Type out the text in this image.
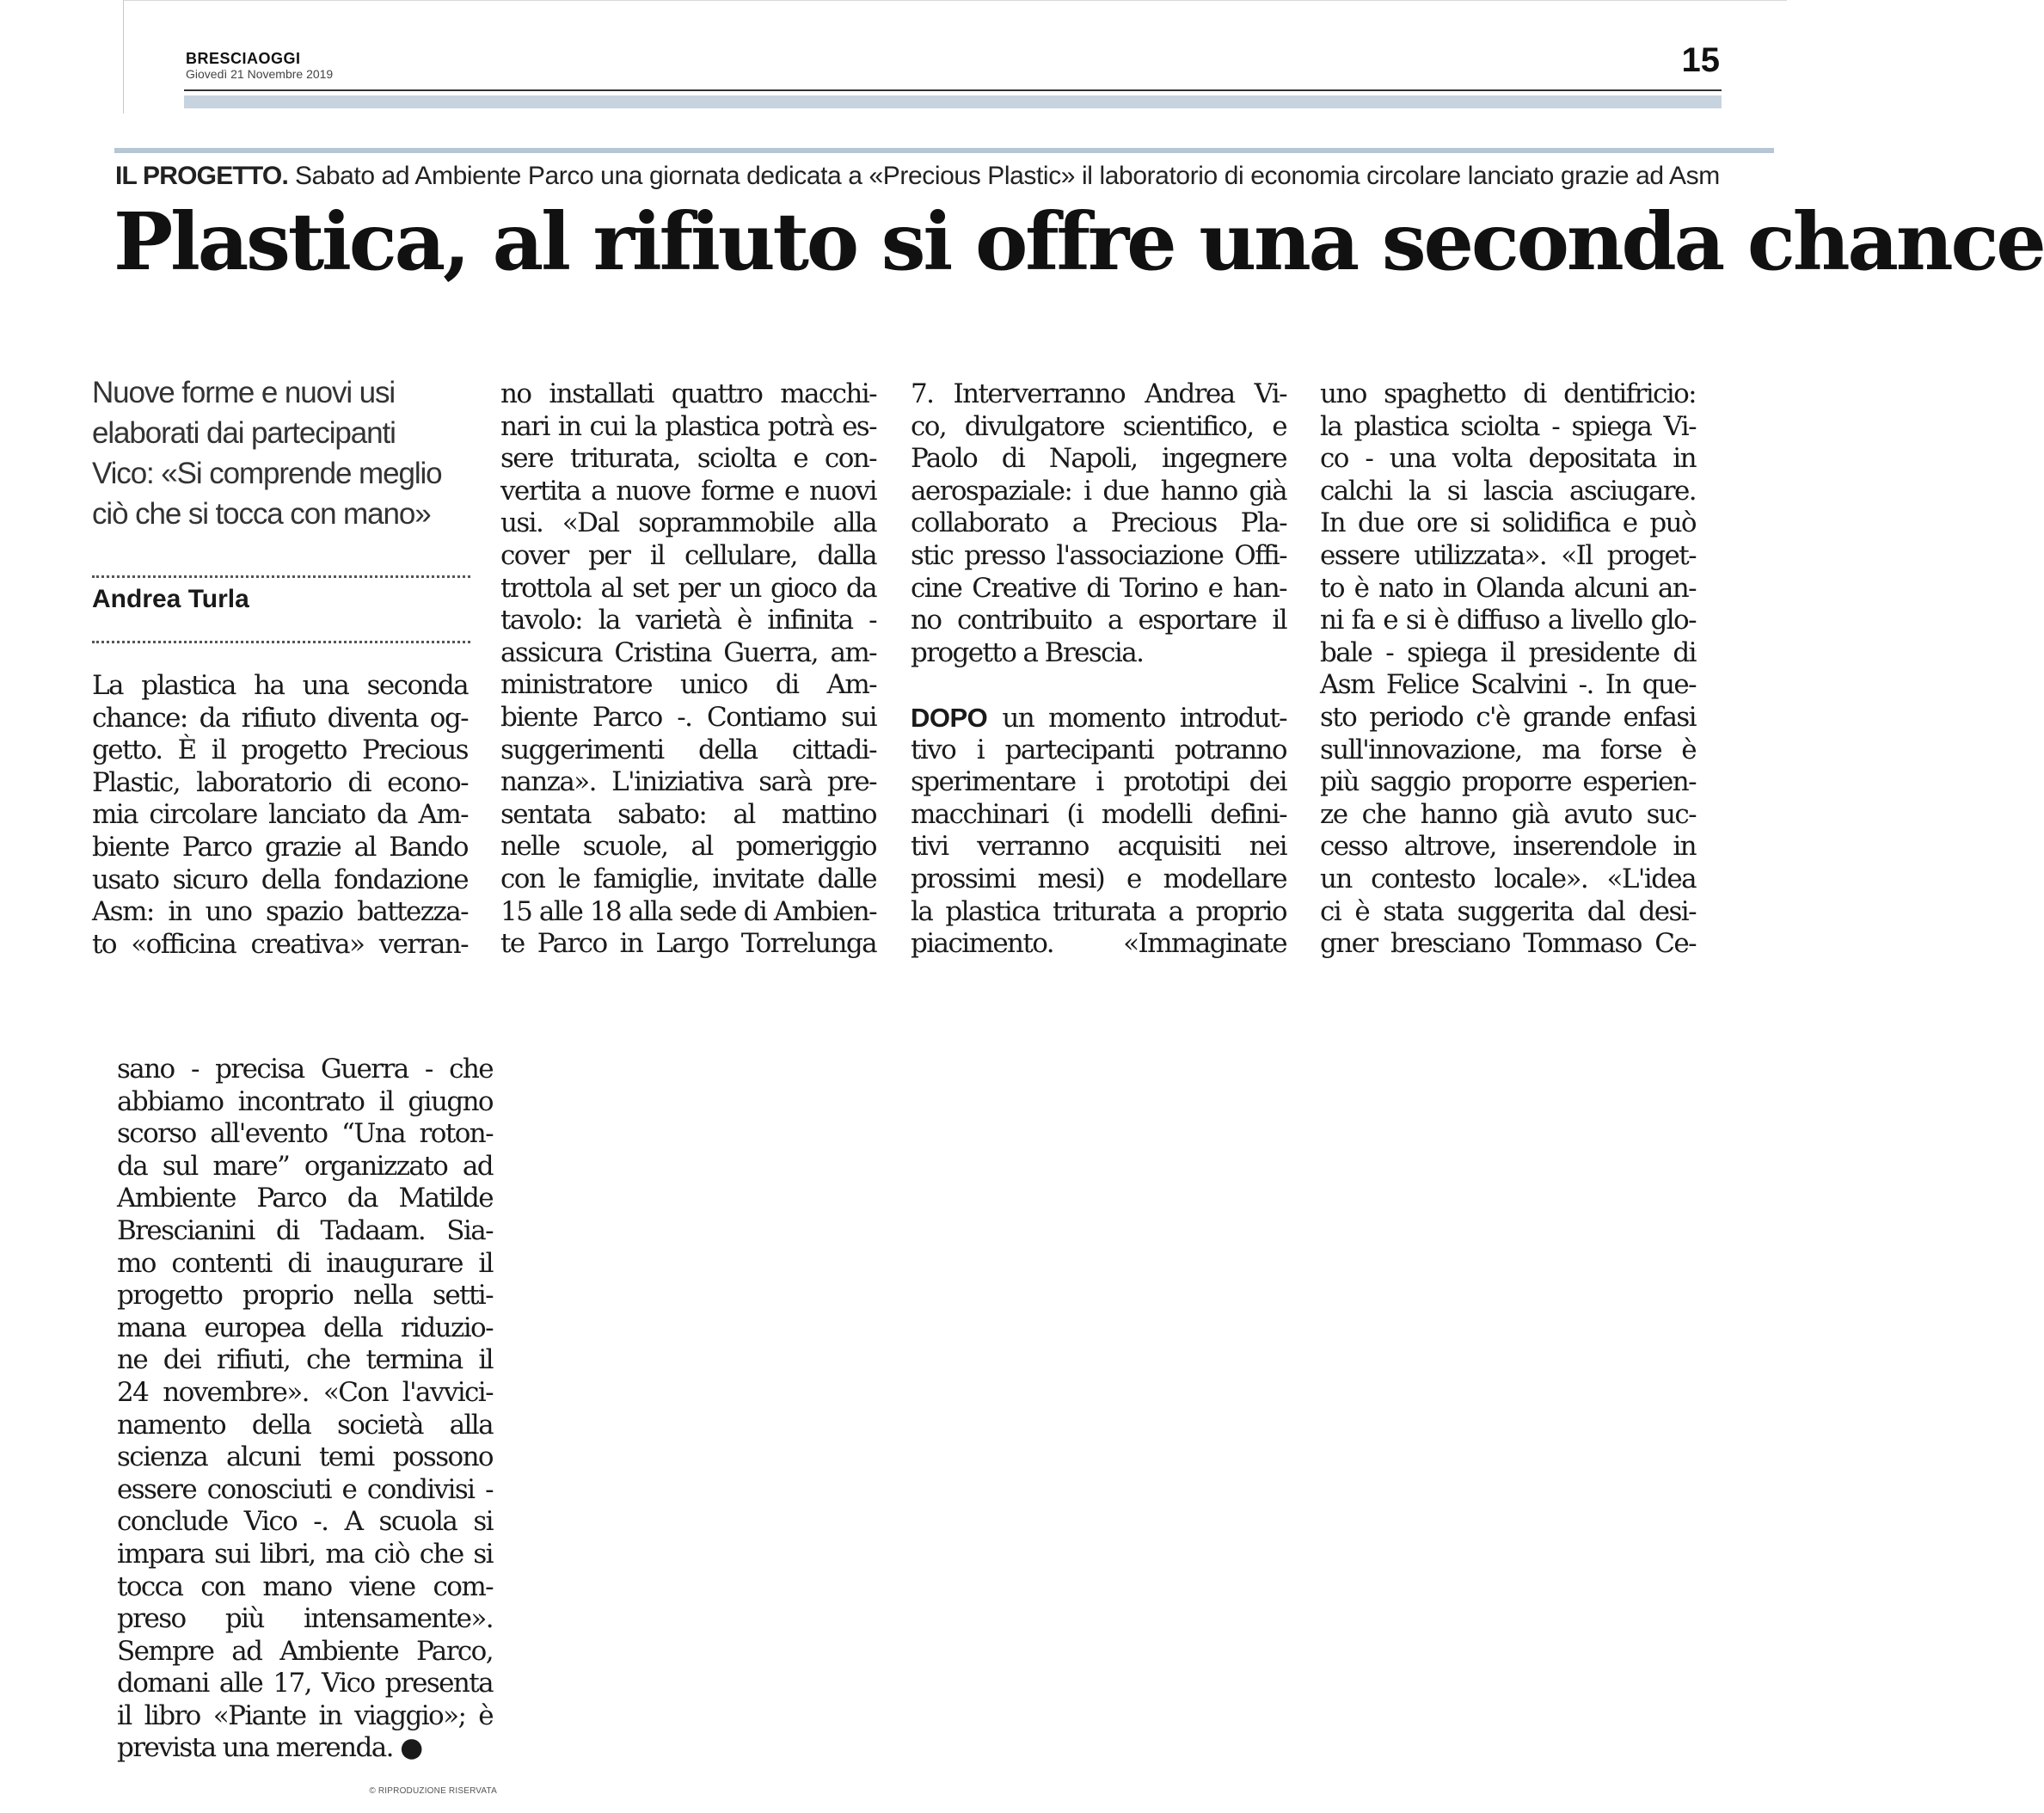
BRESCIAOGGI
Giovedì 21 Novembre 2019	15
IL PROGETTO. Sabato ad Ambiente Parco una giornata dedicata a «Precious Plastic» il laboratorio di economia circolare lanciato grazie ad Asm
Plastica, al rifiuto si offre una seconda chance
Nuove forme e nuovi usi
elaborati dai partecipanti
Vico: «Si comprende meglio
ciò che si tocca con mano»
Andrea Turla
La plastica ha una seconda
chance: da rifiuto diventa og-
getto. È il progetto Precious
Plastic, laboratorio di econo-
mia circolare lanciato da Am-
biente Parco grazie al Bando
usato sicuro della fondazione
Asm: in uno spazio battezza-
to «officina creativa» verran-
no installati quattro macchi-
nari in cui la plastica potrà es-
sere triturata, sciolta e con-
vertita a nuove forme e nuovi
usi. «Dal soprammobile alla
cover per il cellulare, dalla
trottola al set per un gioco da
tavolo: la varietà è infinita -
assicura Cristina Guerra, am-
ministratore unico di Am-
biente Parco -. Contiamo sui
suggerimenti della cittadi-
nanza». L'iniziativa sarà pre-
sentata sabato: al mattino
nelle scuole, al pomeriggio
con le famiglie, invitate dalle
15 alle 18 alla sede di Ambien-
te Parco in Largo Torrelunga
7. Interverranno Andrea Vi-
co, divulgatore scientifico, e
Paolo di Napoli, ingegnere
aerospaziale: i due hanno già
collaborato a Precious Pla-
stic presso l'associazione Offi-
cine Creative di Torino e han-
no contribuito a esportare il
progetto a Brescia.
DOPO un momento introdut-
tivo i partecipanti potranno
sperimentare i prototipi dei
macchinari (i modelli defini-
tivi verranno acquisiti nei
prossimi mesi) e modellare
la plastica triturata a proprio
piacimento. «Immaginate
uno spaghetto di dentifricio:
la plastica sciolta - spiega Vi-
co - una volta depositata in
calchi la si lascia asciugare.
In due ore si solidifica e può
essere utilizzata». «Il proget-
to è nato in Olanda alcuni an-
ni fa e si è diffuso a livello glo-
bale - spiega il presidente di
Asm Felice Scalvini -. In que-
sto periodo c'è grande enfasi
sull'innovazione, ma forse è
più saggio proporre esperien-
ze che hanno già avuto suc-
cesso altrove, inserendole in
un contesto locale». «L'idea
ci è stata suggerita dal desi-
gner bresciano Tommaso Ce-
sano - precisa Guerra - che
abbiamo incontrato il giugno
scorso all'evento “Una roton-
da sul mare” organizzato ad
Ambiente Parco da Matilde
Brescianini di Tadaam. Sia-
mo contenti di inaugurare il
progetto proprio nella setti-
mana europea della riduzio-
ne dei rifiuti, che termina il
24 novembre». «Con l'avvici-
namento della società alla
scienza alcuni temi possono
essere conosciuti e condivisi -
conclude Vico -. A scuola si
impara sui libri, ma ciò che si
tocca con mano viene com-
preso più intensamente».
Sempre ad Ambiente Parco,
domani alle 17, Vico presenta
il libro «Piante in viaggio»; è
prevista una merenda. ●
© RIPRODUZIONE RISERVATA
